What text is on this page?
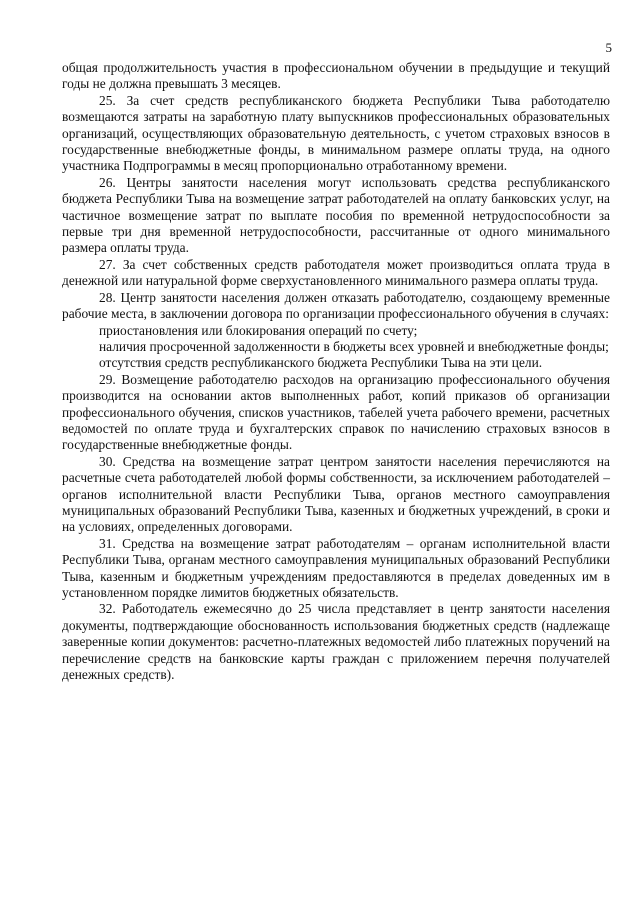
5

общая продолжительность участия в профессиональном обучении в предыдущие и текущий годы не должна превышать 3 месяцев.

25. За счет средств республиканского бюджета Республики Тыва работодателю возмещаются затраты на заработную плату выпускников профессиональных образовательных организаций, осуществляющих образовательную деятельность, с учетом страховых взносов в государственные внебюджетные фонды, в минимальном размере оплаты труда, на одного участника Подпрограммы в месяц пропорционально отработанному времени.

26. Центры занятости населения могут использовать средства республиканского бюджета Республики Тыва на возмещение затрат работодателей на оплату банковских услуг, на частичное возмещение затрат по выплате пособия по временной нетрудоспособности за первые три дня временной нетрудоспособности, рассчитанные от одного минимального размера оплаты труда.

27. За счет собственных средств работодателя может производиться оплата труда в денежной или натуральной форме сверхустановленного минимального размера оплаты труда.

28. Центр занятости населения должен отказать работодателю, создающему временные рабочие места, в заключении договора по организации профессионального обучения в случаях:

приостановления или блокирования операций по счету;

наличия просроченной задолженности в бюджеты всех уровней и внебюджетные фонды;

отсутствия средств республиканского бюджета Республики Тыва на эти цели.

29. Возмещение работодателю расходов на организацию профессионального обучения производится на основании актов выполненных работ, копий приказов об организации профессионального обучения, списков участников, табелей учета рабочего времени, расчетных ведомостей по оплате труда и бухгалтерских справок по начислению страховых взносов в государственные внебюджетные фонды.

30. Средства на возмещение затрат центром занятости населения перечисляются на расчетные счета работодателей любой формы собственности, за исключением работодателей – органов исполнительной власти Республики Тыва, органов местного самоуправления муниципальных образований Республики Тыва, казенных и бюджетных учреждений, в сроки и на условиях, определенных договорами.

31. Средства на возмещение затрат работодателям – органам исполнительной власти Республики Тыва, органам местного самоуправления муниципальных образований Республики Тыва, казенным и бюджетным учреждениям предоставляются в пределах доведенных им в установленном порядке лимитов бюджетных обязательств.

32. Работодатель ежемесячно до 25 числа представляет в центр занятости населения документы, подтверждающие обоснованность использования бюджетных средств (надлежаще заверенные копии документов: расчетно-платежных ведомостей либо платежных поручений на перечисление средств на банковские карты граждан с приложением перечня получателей денежных средств).
